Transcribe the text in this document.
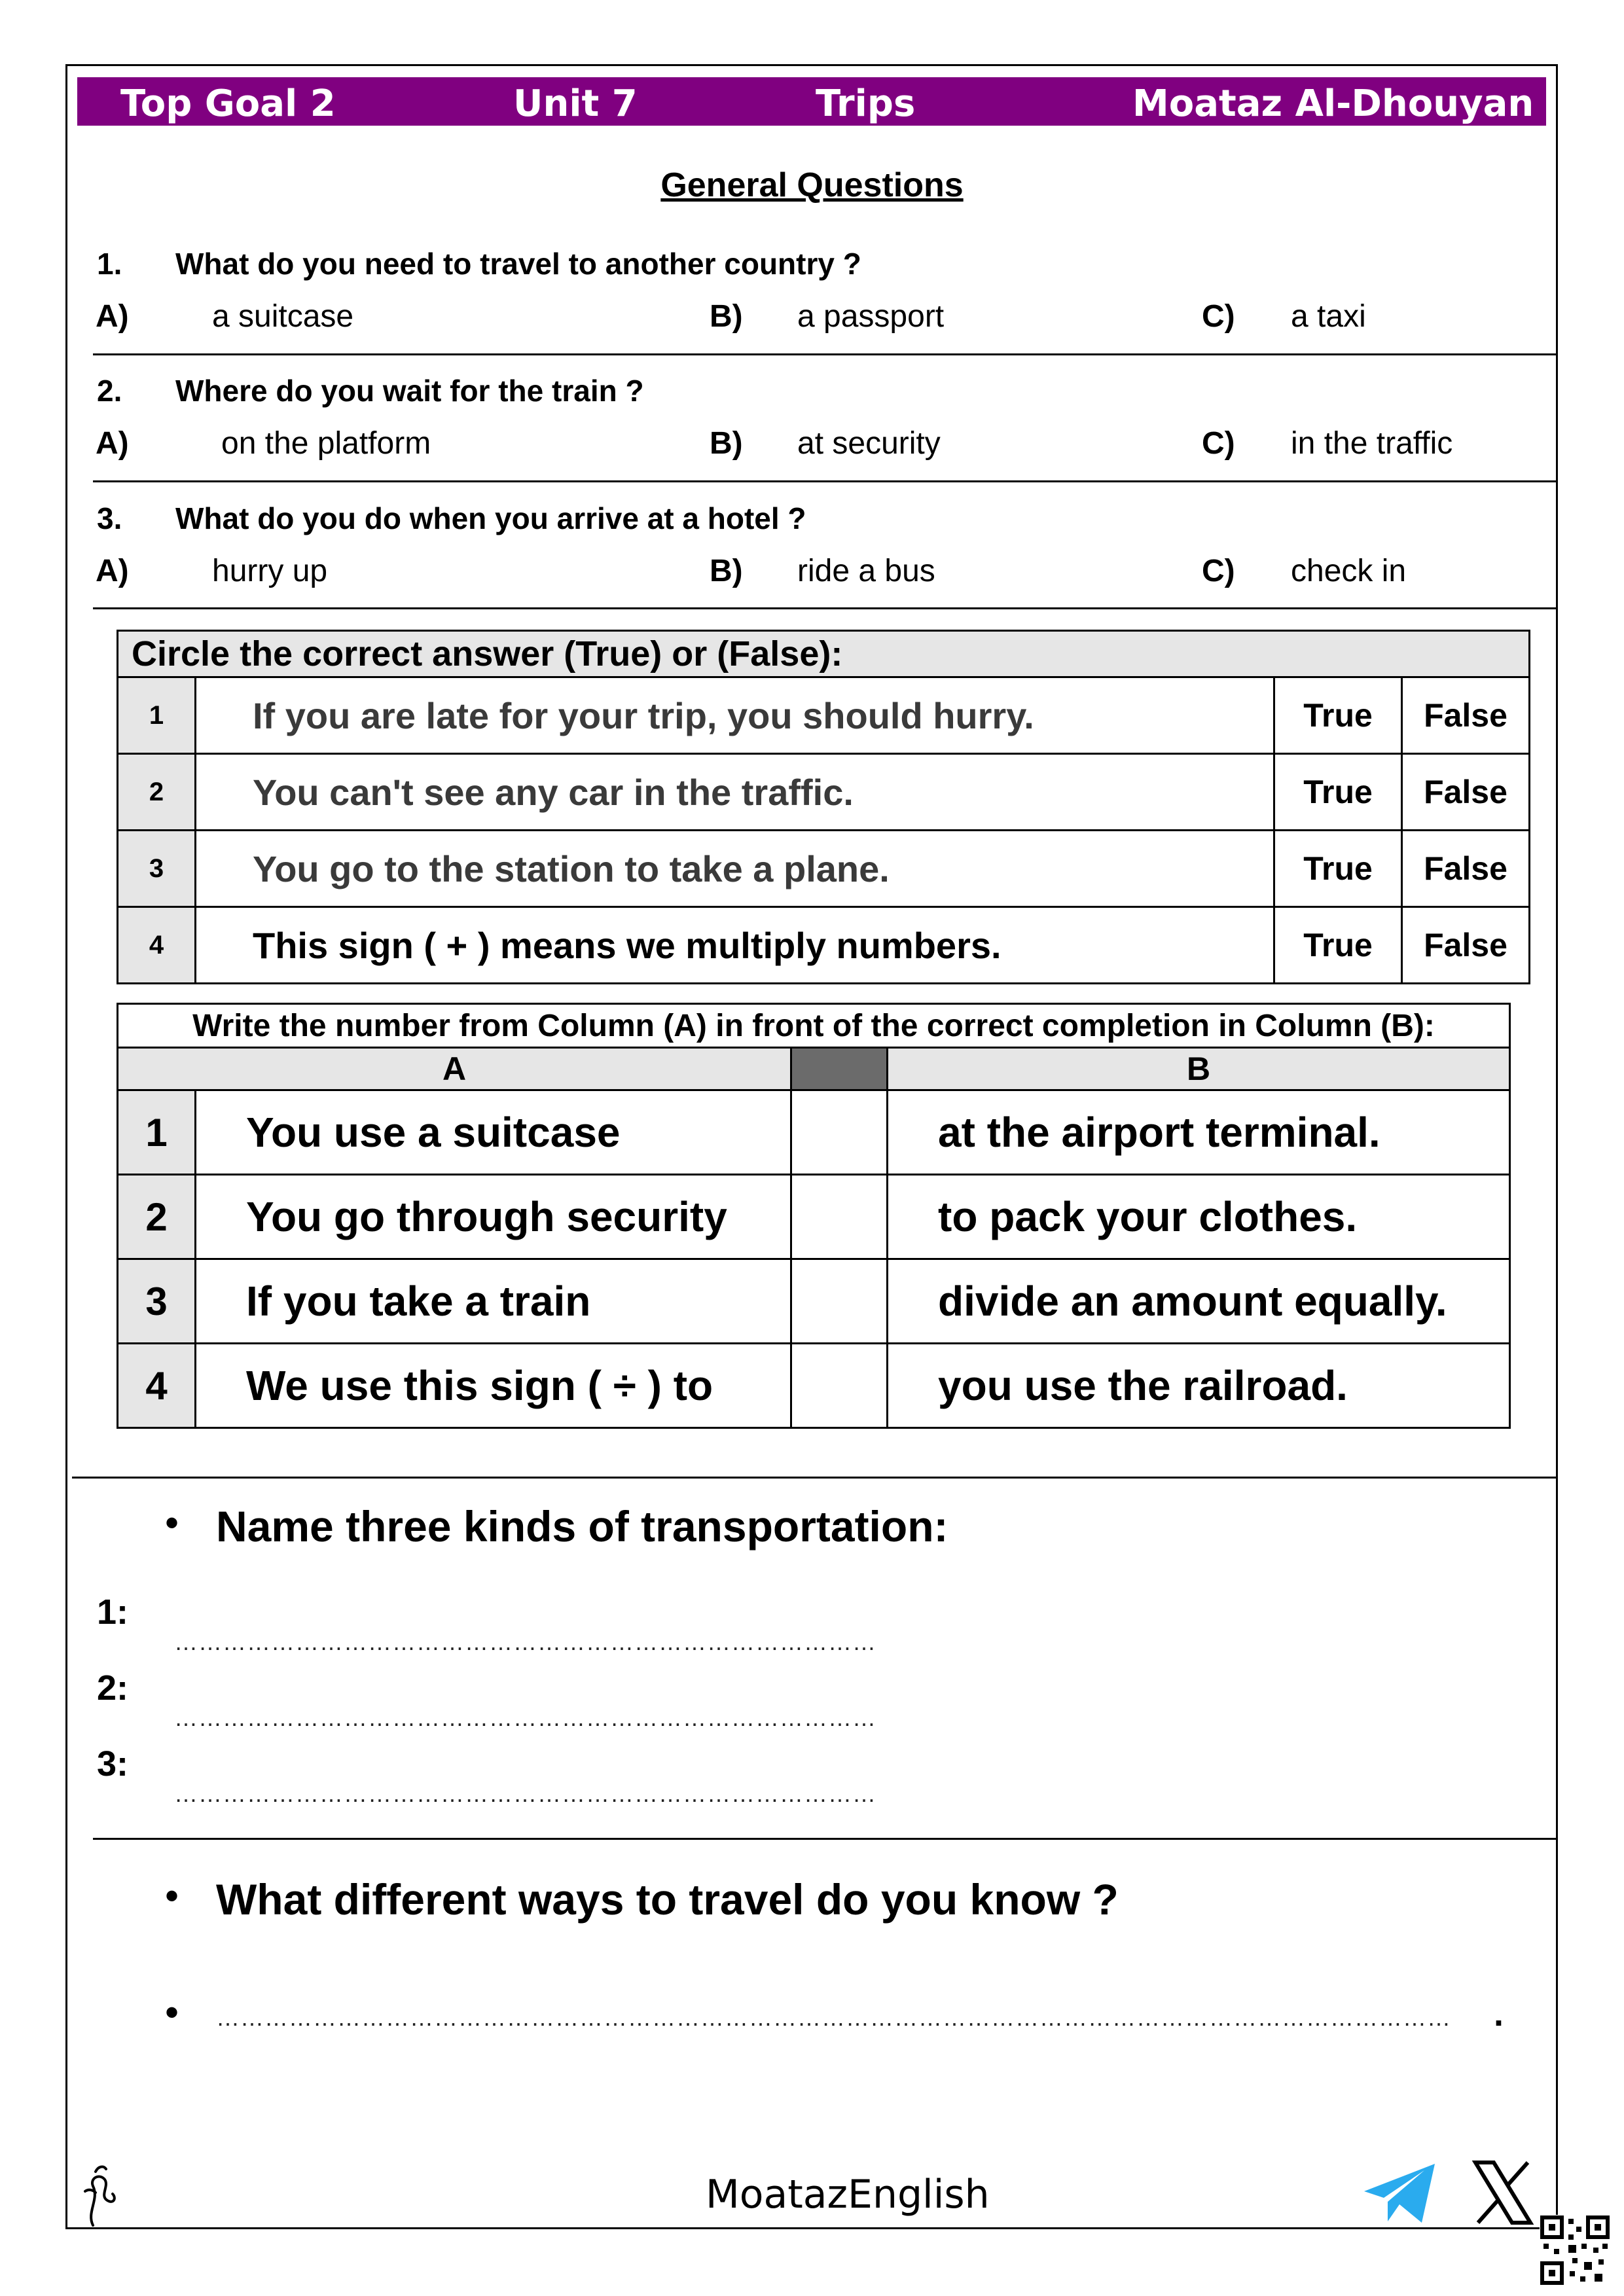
Top Goal 2	Unit 7	Trips	Moataz Al-Dhouyan
General Questions
1. What do you need to travel to another country ?
A)	a suitcase	B) a passport	C) a taxi
2. Where do you wait for the train ?
A)	on the platform	B) at security	C) in the traffic
3. What do you do when you arrive at a hotel ?
A)	hurry up	B) ride a bus	C) check in
Circle the correct answer (True) or (False):			
1	If you are late for your trip, you should hurry.	True	False
2	You can't see any car in the traffic.	True	False
3	You go to the station to take a plane.	True	False
4	This sign ( + ) means we multiply numbers.	True	False
Write the number from Column (A) in front of the correct completion in Column (B):			
A			B
1	You use a suitcase		at the airport terminal.
2	You go through security		to pack your clothes.
3	If you take a train		divide an amount equally.
4	We use this sign ( ÷ ) to		you use the railroad.
• Name three kinds of transportation:
1:
……………………………………………………………………………
2:
……………………………………………………………………………
3:
……………………………………………………………………………
• What different ways to travel do you know ?
• ……………………………………………………………………………………………………………………………………… .
MoatazEnglish
